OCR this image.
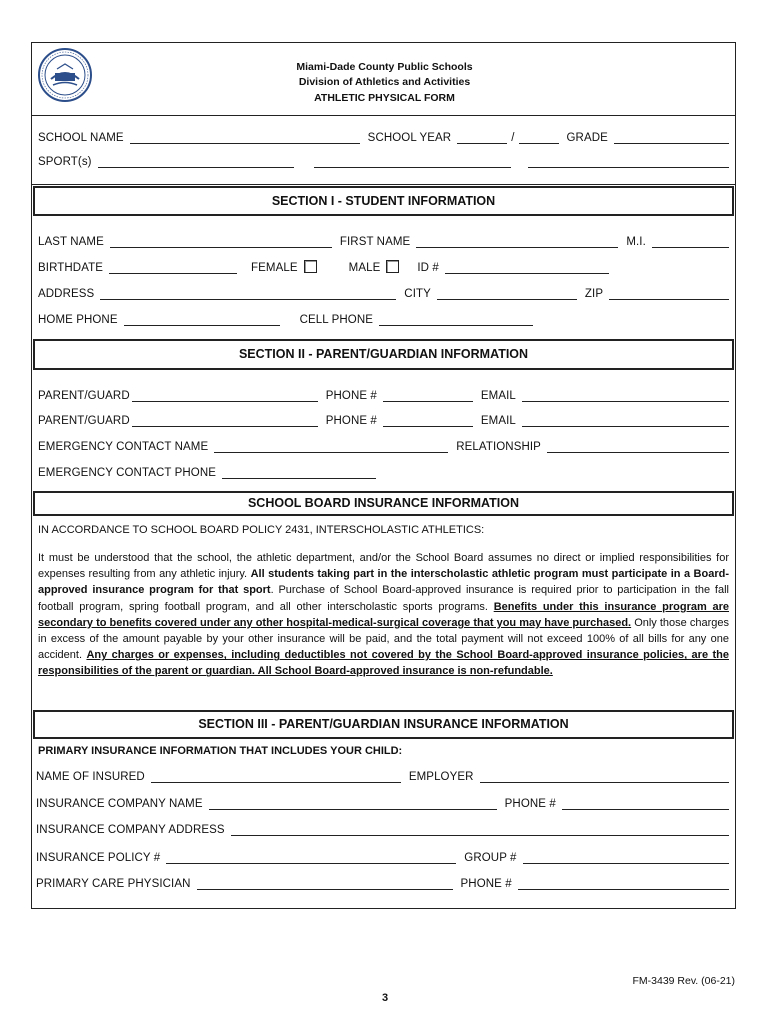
Miami-Dade County Public Schools
Division of Athletics and Activities
ATHLETIC PHYSICAL FORM
SCHOOL NAME	SCHOOL YEAR	/	GRADE
SPORT(s)
SECTION I - STUDENT INFORMATION
LAST NAME	FIRST NAME	M.I.
BIRTHDATE	FEMALE	MALE	ID #
ADDRESS	CITY	ZIP
HOME PHONE	CELL PHONE
SECTION II - PARENT/GUARDIAN INFORMATION
PARENT/GUARD	PHONE #	EMAIL
PARENT/GUARD	PHONE #	EMAIL
EMERGENCY CONTACT NAME	RELATIONSHIP
EMERGENCY CONTACT PHONE
SCHOOL BOARD INSURANCE INFORMATION
IN ACCORDANCE TO SCHOOL BOARD POLICY 2431, INTERSCHOLASTIC ATHLETICS:
It must be understood that the school, the athletic department, and/or the School Board assumes no direct or implied responsibilities for expenses resulting from any athletic injury. All students taking part in the interscholastic athletic program must participate in a Board-approved insurance program for that sport. Purchase of School Board-approved insurance is required prior to participation in the fall football program, spring football program, and all other interscholastic sports programs. Benefits under this insurance program are secondary to benefits covered under any other hospital-medical-surgical coverage that you may have purchased. Only those charges in excess of the amount payable by your other insurance will be paid, and the total payment will not exceed 100% of all bills for any one accident. Any charges or expenses, including deductibles not covered by the School Board-approved insurance policies, are the responsibilities of the parent or guardian. All School Board-approved insurance is non-refundable.
SECTION III - PARENT/GUARDIAN INSURANCE INFORMATION
PRIMARY INSURANCE INFORMATION THAT INCLUDES YOUR CHILD:
NAME OF INSURED	EMPLOYER
INSURANCE COMPANY NAME	PHONE #
INSURANCE COMPANY ADDRESS
INSURANCE POLICY #	GROUP #
PRIMARY CARE PHYSICIAN	PHONE #
FM-3439 Rev. (06-21)
3
